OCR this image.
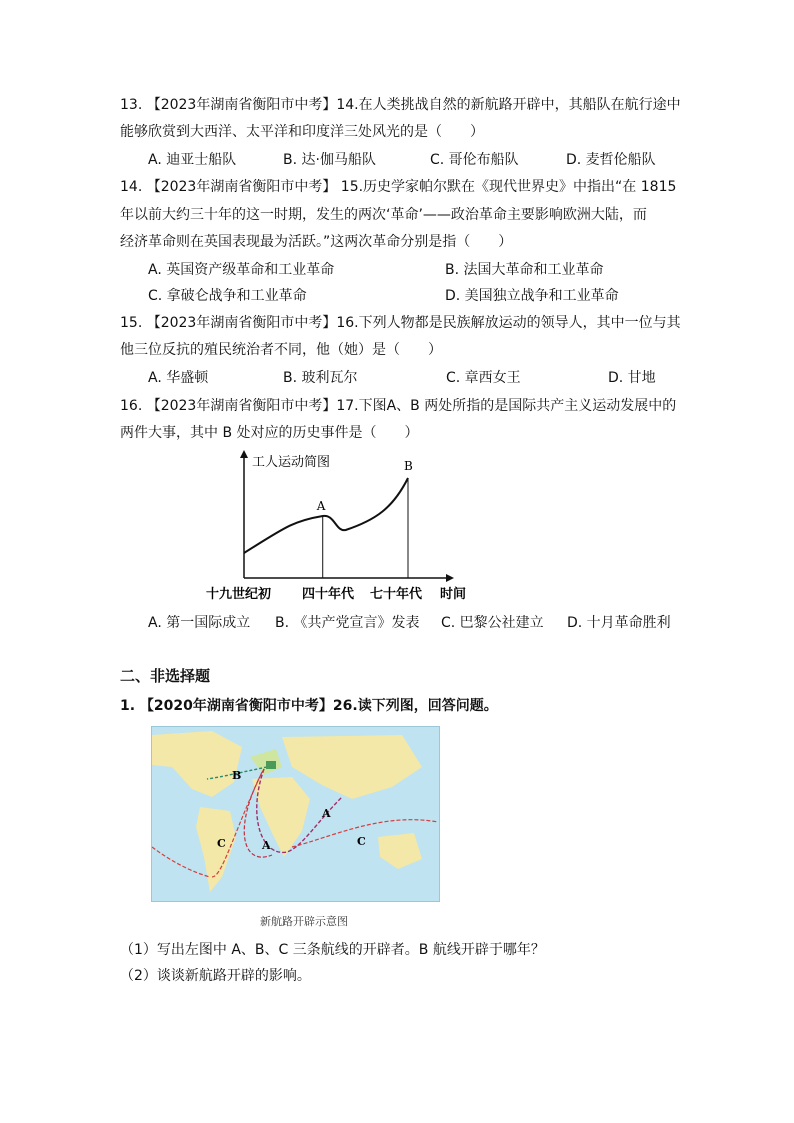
13. 【2023年湖南省衡阳市中考】14.在人类挑战自然的新航路开辟中，其船队在航行途中
能够欣赏到大西洋、太平洋和印度洋三处风光的是（　　）
A. 迪亚士船队	B. 达·伽马船队	C. 哥伦布船队	D. 麦哲伦船队
14. 【2023年湖南省衡阳市中考】 15.历史学家帕尔默在《现代世界史》中指出“在 1815
年以前大约三十年的这一时期，发生的两次‘革命’——政治革命主要影响欧洲大陆，而
经济革命则在英国表现最为活跃。”这两次革命分别是指（　　）
A. 英国资产级革命和工业革命	B. 法国大革命和工业革命
C. 拿破仑战争和工业革命	D. 美国独立战争和工业革命
15. 【2023年湖南省衡阳市中考】16.下列人物都是民族解放运动的领导人，其中一位与其
他三位反抗的殖民统治者不同，他（她）是（　　）
A. 华盛顿	B. 玻利瓦尔	C. 章西女王	D. 甘地
16. 【2023年湖南省衡阳市中考】17.下图A、B 两处所指的是国际共产主义运动发展中的
两件大事，其中 B 处对应的历史事件是（　　）
工人运动简图
A
B
十九世纪初 四十年代 七十年代 时间
A. 第一国际成立 B. 《共产党宣言》发表 C. 巴黎公社建立 D. 十月革命胜利
二、非选择题
1. 【2020年湖南省衡阳市中考】26.读下列图，回答问题。
B
A
A
C	C
新航路开辟示意图
（1）写出左图中 A、B、C 三条航线的开辟者。B 航线开辟于哪年？
（2）谈谈新航路开辟的影响。
